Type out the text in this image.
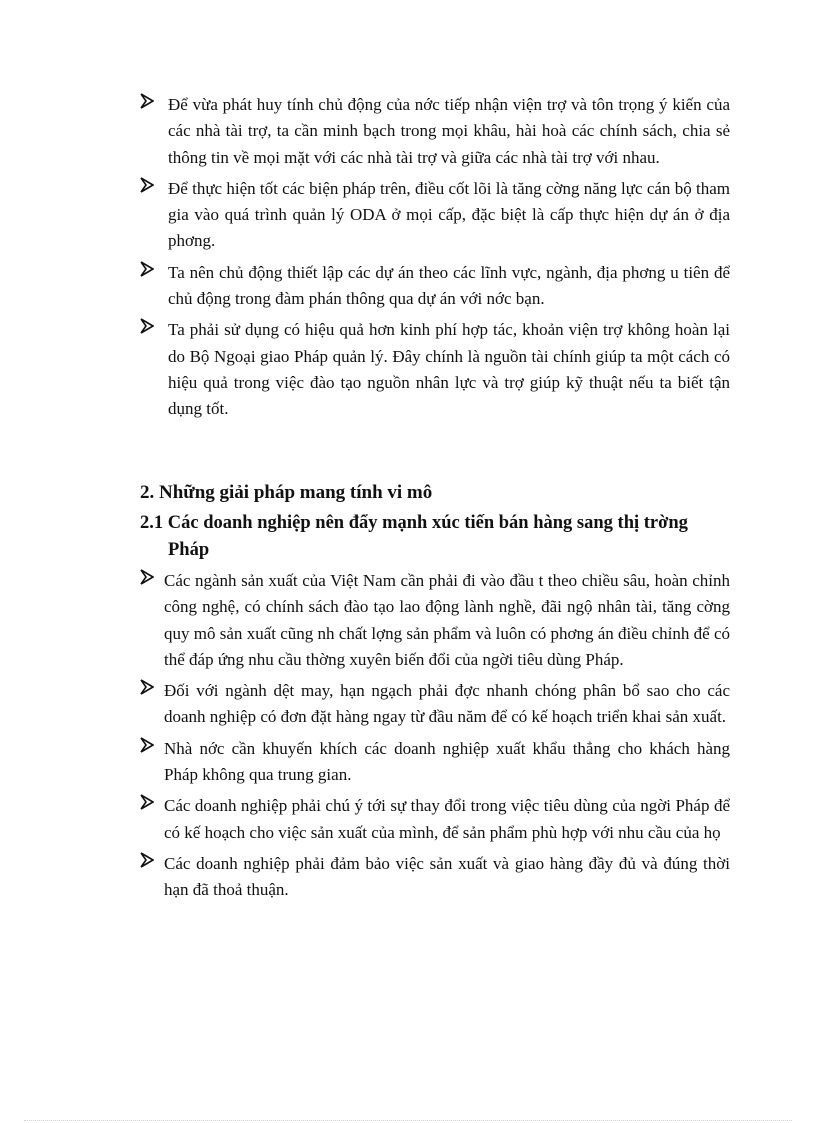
Để vừa phát huy tính chủ động của nớc tiếp nhận viện trợ và tôn trọng ý kiến của các nhà tài trợ, ta cần minh bạch trong mọi khâu, hài hoà các chính sách, chia sẻ thông tin về mọi mặt với các nhà tài trợ và giữa các nhà tài trợ với nhau.
Để thực hiện tốt các biện pháp trên, điều cốt lõi là tăng cờng năng lực cán bộ tham gia vào quá trình quản lý ODA ở mọi cấp, đặc biệt là cấp thực hiện dự án ở địa phơng.
Ta nên chủ động thiết lập các dự án theo các lĩnh vực, ngành, địa phơng u tiên để chủ động trong đàm phán thông qua dự án với nớc bạn.
Ta phải sử dụng có hiệu quả hơn kinh phí hợp tác, khoản viện trợ không hoàn lại do Bộ Ngoại giao Pháp quản lý. Đây chính là nguồn tài chính giúp ta một cách có hiệu quả trong việc đào tạo nguồn nhân lực và trợ giúp kỹ thuật nếu ta biết tận dụng tốt.
2. Những giải pháp mang tính vi mô
2.1 Các doanh nghiệp nên đẩy mạnh xúc tiến bán hàng sang thị trờng
Pháp
Các ngành sản xuất của Việt Nam cần phải đi vào đầu t theo chiều sâu, hoàn chỉnh công nghệ, có chính sách đào tạo lao động lành nghề, đãi ngộ nhân tài, tăng cờng quy mô sản xuất cũng nh chất lợng sản phẩm và luôn có phơng án điều chỉnh để có thể đáp ứng nhu cầu thờng xuyên biến đổi của ngời tiêu dùng Pháp.
Đối với ngành dệt may, hạn ngạch phải đợc nhanh chóng phân bổ sao cho các doanh nghiệp có đơn đặt hàng ngay từ đầu năm để có kế hoạch triển khai sản xuất.
Nhà nớc cần khuyến khích các doanh nghiệp xuất khẩu thẳng cho khách hàng Pháp không qua trung gian.
Các doanh nghiệp phải chú ý tới sự thay đổi trong việc tiêu dùng của ngời Pháp để có kế hoạch cho việc sản xuất của mình, để sản phẩm phù hợp với nhu cầu của họ
Các doanh nghiệp phải đảm bảo việc sản xuất và giao hàng đầy đủ và đúng thời hạn đã thoả thuận.
